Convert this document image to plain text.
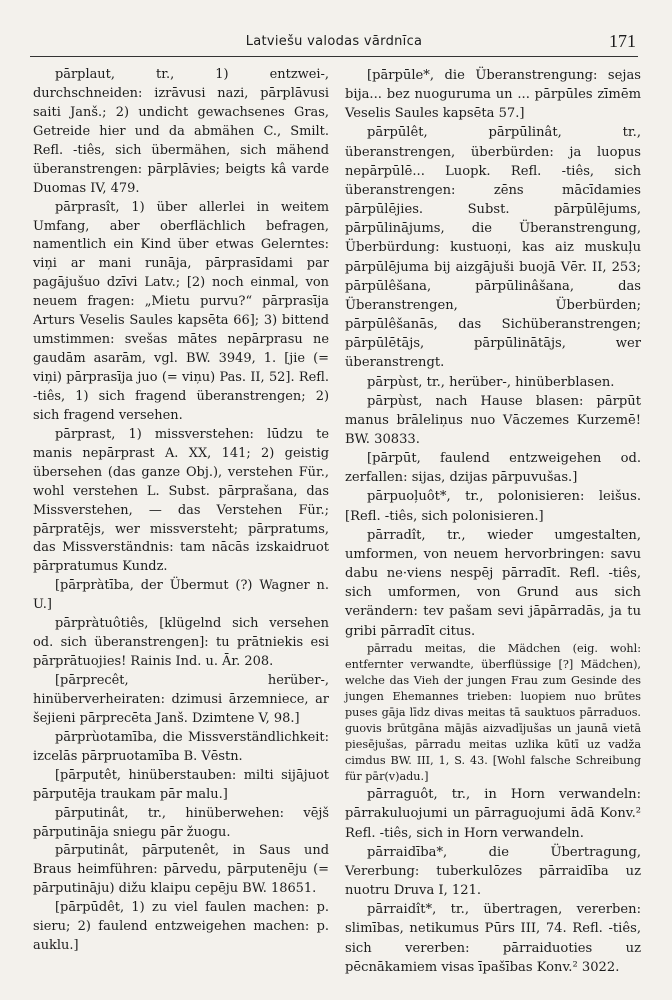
Latviešu valodas vārdnīca	171

pārplaut, tr., 1) entzwei-, durchschneiden: izrāvusi nazi, pārplāvusi saiti Janš.; 2) undicht gewachsenes Gras, Getreide hier und da abmähen C., Smilt. Refl. -tiês, sich übermähen, sich mähend überanstrengen: pārplāvies; beigts kâ varde Duomas IV, 479.

pārprasît, 1) über allerlei in weitem Umfang, aber oberflächlich befragen, namentlich ein Kind über etwas Gelerntes: viņi ar mani runāja, pārprasīdami par pagājušuo dzīvi Latv.; [2) noch einmal, von neuem fragen: „Mietu purvu?“ pārprasīja Arturs Veselis Saules kapsēta 66]; 3) bittend umstimmen: svešas mātes nepārprasu ne gaudām asarām, vgl. BW. 3949, 1. [jie (= viņi) pārprasīja juo (= viņu) Pas. II, 52]. Refl. -tiês, 1) sich fragend überanstrengen; 2) sich fragend versehen.

pārprast, 1) missverstehen: lūdzu te manis nepārprast A. XX, 141; 2) geistig übersehen (das ganze Obj.), verstehen Für., wohl verstehen L. Subst. pārprašana, das Missverstehen, — das Verstehen Für.; pārpratējs, wer missversteht; pārpratums, das Missverständnis: tam nācās izskaidruot pārpratumus Kundz.

[pārpràtība, der Übermut (?) Wagner n. U.]

pārpràtuôtiês, [klügelnd sich versehen od. sich überanstrengen]: tu prātniekis esi pārprātuojies! Rainis Ind. u. Ār. 208.

[pārprecêt, herüber-, hinüberverheiraten: dzimusi ārzemniece, ar šejieni pārprecēta Janš. Dzimtene V, 98.]

pārprùotamība, die Missverständlichkeit: izcelās pārpruotamība B. Vēstn.

[pārputêt, hinüberstauben: milti sijājuot pārputēja traukam pār malu.]

pārputinât, tr., hinüberwehen: vējš pārputināja sniegu pār žuogu.

pārputinât, pārputenêt, in Saus und Braus heimführen: pārvedu, pārputenēju (= pārputināju) dižu klaipu cepēju BW. 18651.

[pārpūdêt, 1) zu viel faulen machen: p. sieru; 2) faulend entzweigehen machen: p. auklu.]

[pārpūle*, die Überanstrengung: sejas bija... bez nuoguruma un ... pārpūles zīmēm Veselis Saules kapsēta 57.]

pārpūlêt, pārpūlinât, tr., überanstrengen, überbürden: ja luopus nepārpūlē... Luopk. Refl. -tiês, sich überanstrengen: zēns mācīdamies pārpūlējies. Subst. pārpūlējums, pārpūlinājums, die Überanstrengung, Überbürdung: kustuoņi, kas aiz muskuļu pārpūlējuma bij aizgājuši buojā Vēr. II, 253; pārpūlêšana, pārpūlinâšana, das Überanstrengen, Überbürden; pārpūlêšanās, das Sichüberanstrengen; pārpūlētājs, pārpūlinātājs, wer überanstrengt.

pārpùst, tr., herüber-, hinüberblasen.

pārpùst, nach Hause blasen: pārpūt manus brāleliņus nuo Vāczemes Kurzemē! BW. 30833.

[pārpūt, faulend entzweigehen od. zerfallen: sijas, dzijas pārpuvušas.]

pārpuoļuôt*, tr., polonisieren: leišus. [Refl. -tiês, sich polonisieren.]

pārradît, tr., wieder umgestalten, umformen, von neuem hervorbringen: savu dabu ne·viens nespēj pārradīt. Refl. -tiês, sich umformen, von Grund aus sich verändern: tev pašam sevi jāpārradās, ja tu gribi pārradīt citus.

pārradu meitas, die Mädchen (eig. wohl: entfernter verwandte, überflüssige [?] Mädchen), welche das Vieh der jungen Frau zum Gesinde des jungen Ehemannes trieben: luopiem nuo brūtes puses gāja līdz divas meitas tā sauktuos pārraduos. guovis brūtgāna mājās aizvadījušas un jaunā vietā piesējušas, pārradu meitas uzlika kūtī uz vadža cimdus BW. III, 1, S. 43. [Wohl falsche Schreibung für pār(v)adu.]

pārraguôt, tr., in Horn verwandeln: pārrakuluojumi un pārraguojumi ādā Konv.² Refl. -tiês, sich in Horn verwandeln.

pārraidība*, die Übertragung, Vererbung: tuberkulōzes pārraidība uz nuotru Druva I, 121.

pārraidît*, tr., übertragen, vererben: slimības, netikumus Pūrs III, 74. Refl. -tiês, sich vererben: pārraiduoties uz pēcnākamiem visas īpašības Konv.² 3022.
